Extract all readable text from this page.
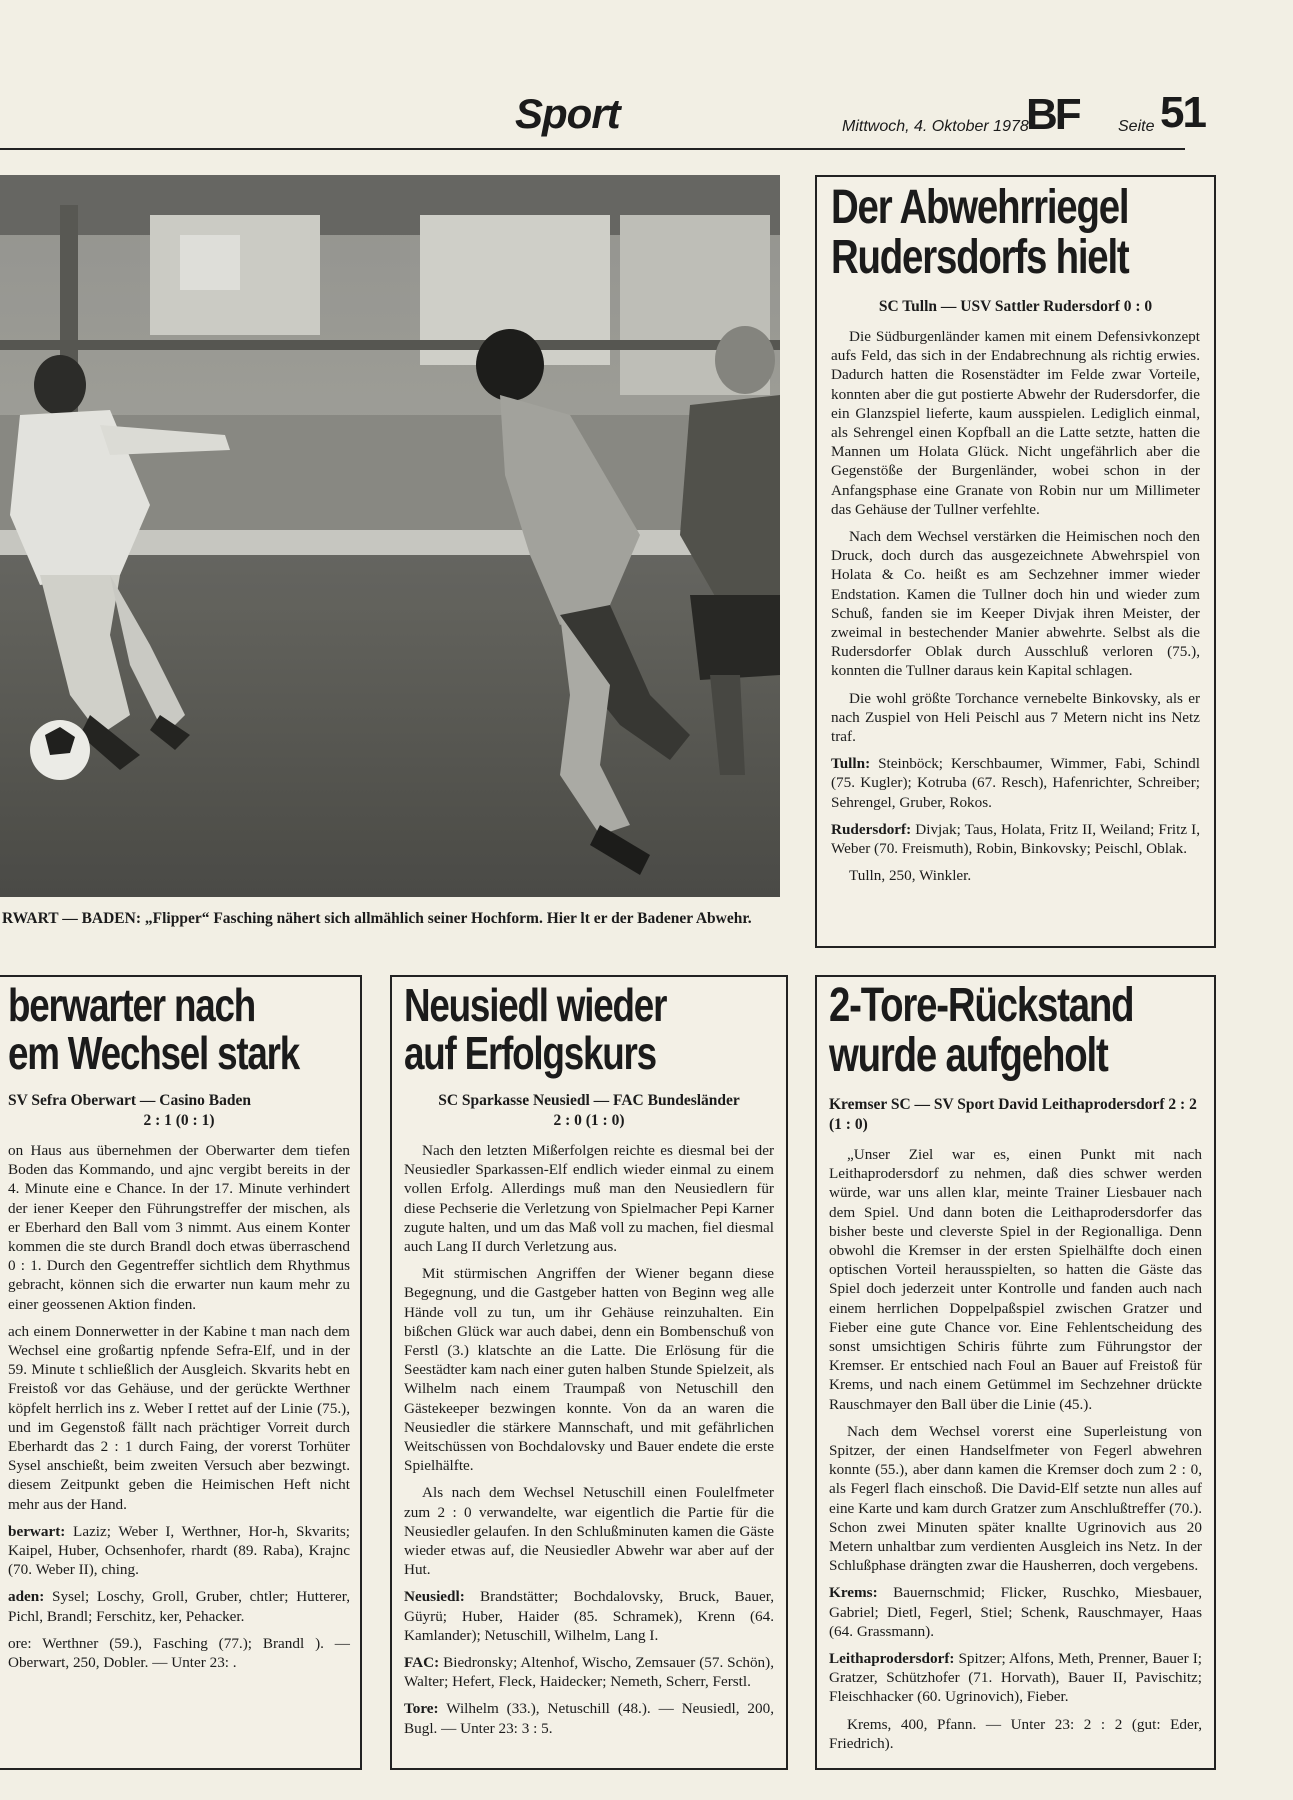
Sport	Mittwoch, 4. Oktober 1978
BF Seite 51
RWART — BADEN: „Flipper“ Fasching nähert sich allmählich seiner Hochform. Hier lt er der Badener Abwehr.
Der Abwehrriegel
Rudersdorfs hielt
SC Tulln — USV Sattler Rudersdorf 0 : 0

Die Südburgenländer kamen mit einem Defensivkonzept aufs Feld, das sich in der Endabrechnung als richtig erwies. Dadurch hatten die Rosenstädter im Felde zwar Vorteile, konnten aber die gut postierte Abwehr der Rudersdorfer, die ein Glanzspiel lieferte, kaum ausspielen. Lediglich einmal, als Sehrengel einen Kopfball an die Latte setzte, hatten die Mannen um Holata Glück. Nicht ungefährlich aber die Gegenstöße der Burgenländer, wobei schon in der Anfangsphase eine Granate von Robin nur um Millimeter das Gehäuse der Tullner verfehlte.

Nach dem Wechsel verstärken die Heimischen noch den Druck, doch durch das ausgezeichnete Abwehrspiel von Holata & Co. heißt es am Sechzehner immer wieder Endstation. Kamen die Tullner doch hin und wieder zum Schuß, fanden sie im Keeper Divjak ihren Meister, der zweimal in bestechender Manier abwehrte. Selbst als die Rudersdorfer Oblak durch Ausschluß verloren (75.), konnten die Tullner daraus kein Kapital schlagen.

Die wohl größte Torchance vernebelte Binkovsky, als er nach Zuspiel von Heli Peischl aus 7 Metern nicht ins Netz traf.

Tulln: Steinböck; Kerschbaumer, Wimmer, Fabi, Schindl (75. Kugler); Kotruba (67. Resch), Hafenrichter, Schreiber; Sehrengel, Gruber, Rokos.

Rudersdorf: Divjak; Taus, Holata, Fritz II, Weiland; Fritz I, Weber (70. Freismuth), Robin, Binkovsky; Peischl, Oblak.

Tulln, 250, Winkler.

berwarter nach
em Wechsel stark
SV Sefra Oberwart — Casino Baden
2 : 1 (0 : 1)

on Haus aus übernehmen der Oberwarter dem tiefen Boden das Kommando, und ajnc vergibt bereits in der 4. Minute eine e Chance. In der 17. Minute verhindert der iener Keeper den Führungstreffer der mischen, als er Eberhard den Ball vom 3 nimmt. Aus einem Konter kommen die ste durch Brandl doch etwas überraschend 0 : 1. Durch den Gegentreffer sichtlich dem Rhythmus gebracht, können sich die erwarter nun kaum mehr zu einer geossenen Aktion finden.

ach einem Donnerwetter in der Kabine t man nach dem Wechsel eine großartig npfende Sefra-Elf, und in der 59. Minute t schließlich der Ausgleich. Skvarits hebt en Freistoß vor das Gehäuse, und der gerückte Werthner köpfelt herrlich ins z. Weber I rettet auf der Linie (75.), und im Gegenstoß fällt nach prächtiger Vorreit durch Eberhardt das 2 : 1 durch Faing, der vorerst Torhüter Sysel anschießt, beim zweiten Versuch aber bezwingt. diesem Zeitpunkt geben die Heimischen Heft nicht mehr aus der Hand.

berwart: Laziz; Weber I, Werthner, Hor-h, Skvarits; Kaipel, Huber, Ochsenhofer, rhardt (89. Raba), Krajnc (70. Weber II), ching.

aden: Sysel; Loschy, Groll, Gruber, chtler; Hutterer, Pichl, Brandl; Ferschitz, ker, Pehacker.

ore: Werthner (59.), Fasching (77.); Brandl ). — Oberwart, 250, Dobler. — Unter 23: .

Neusiedl wieder
auf Erfolgskurs
SC Sparkasse Neusiedl — FAC Bundesländer
2 : 0 (1 : 0)

Nach den letzten Mißerfolgen reichte es diesmal bei der Neusiedler Sparkassen-Elf endlich wieder einmal zu einem vollen Erfolg. Allerdings muß man den Neusiedlern für diese Pechserie die Verletzung von Spielmacher Pepi Karner zugute halten, und um das Maß voll zu machen, fiel diesmal auch Lang II durch Verletzung aus.

Mit stürmischen Angriffen der Wiener begann diese Begegnung, und die Gastgeber hatten von Beginn weg alle Hände voll zu tun, um ihr Gehäuse reinzuhalten. Ein bißchen Glück war auch dabei, denn ein Bombenschuß von Ferstl (3.) klatschte an die Latte. Die Erlösung für die Seestädter kam nach einer guten halben Stunde Spielzeit, als Wilhelm nach einem Traumpaß von Netuschill den Gästekeeper bezwingen konnte. Von da an waren die Neusiedler die stärkere Mannschaft, und mit gefährlichen Weitschüssen von Bochdalovsky und Bauer endete die erste Spielhälfte.

Als nach dem Wechsel Netuschill einen Foulelfmeter zum 2 : 0 verwandelte, war eigentlich die Partie für die Neusiedler gelaufen. In den Schlußminuten kamen die Gäste wieder etwas auf, die Neusiedler Abwehr war aber auf der Hut.

Neusiedl: Brandstätter; Bochdalovsky, Bruck, Bauer, Güyrü; Huber, Haider (85. Schramek), Krenn (64. Kamlander); Netuschill, Wilhelm, Lang I.

FAC: Biedronsky; Altenhof, Wischo, Zemsauer (57. Schön), Walter; Hefert, Fleck, Haidecker; Nemeth, Scherr, Ferstl.

Tore: Wilhelm (33.), Netuschill (48.). — Neusiedl, 200, Bugl. — Unter 23: 3 : 5.

2-Tore-Rückstand
wurde aufgeholt
Kremser SC — SV Sport David Leithaprodersdorf 2 : 2 (1 : 0)

„Unser Ziel war es, einen Punkt mit nach Leithaprodersdorf zu nehmen, daß dies schwer werden würde, war uns allen klar, meinte Trainer Liesbauer nach dem Spiel. Und dann boten die Leithaprodersdorfer das bisher beste und cleverste Spiel in der Regionalliga. Denn obwohl die Kremser in der ersten Spielhälfte doch einen optischen Vorteil herausspielten, so hatten die Gäste das Spiel doch jederzeit unter Kontrolle und fanden auch nach einem herrlichen Doppelpaßspiel zwischen Gratzer und Fieber eine gute Chance vor. Eine Fehlentscheidung des sonst umsichtigen Schiris führte zum Führungstor der Kremser. Er entschied nach Foul an Bauer auf Freistoß für Krems, und nach einem Getümmel im Sechzehner drückte Rauschmayer den Ball über die Linie (45.).

Nach dem Wechsel vorerst eine Superleistung von Spitzer, der einen Handselfmeter von Fegerl abwehren konnte (55.), aber dann kamen die Kremser doch zum 2 : 0, als Fegerl flach einschoß. Die David-Elf setzte nun alles auf eine Karte und kam durch Gratzer zum Anschlußtreffer (70.). Schon zwei Minuten später knallte Ugrinovich aus 20 Metern unhaltbar zum verdienten Ausgleich ins Netz. In der Schlußphase drängten zwar die Hausherren, doch vergebens.

Krems: Bauernschmid; Flicker, Ruschko, Miesbauer, Gabriel; Dietl, Fegerl, Stiel; Schenk, Rauschmayer, Haas (64. Grassmann).

Leithaprodersdorf: Spitzer; Alfons, Meth, Prenner, Bauer I; Gratzer, Schützhofer (71. Horvath), Bauer II, Pavischitz; Fleischhacker (60. Ugrinovich), Fieber.

Krems, 400, Pfann. — Unter 23: 2 : 2 (gut: Eder, Friedrich).
